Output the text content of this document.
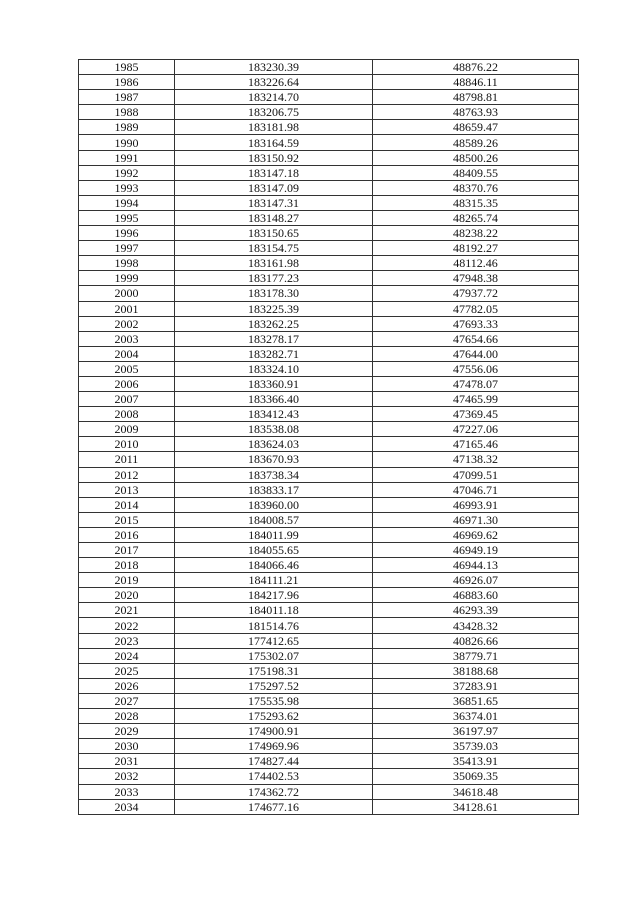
1985	183230.39	48876.22
1986	183226.64	48846.11
1987	183214.70	48798.81
1988	183206.75	48763.93
1989	183181.98	48659.47
1990	183164.59	48589.26
1991	183150.92	48500.26
1992	183147.18	48409.55
1993	183147.09	48370.76
1994	183147.31	48315.35
1995	183148.27	48265.74
1996	183150.65	48238.22
1997	183154.75	48192.27
1998	183161.98	48112.46
1999	183177.23	47948.38
2000	183178.30	47937.72
2001	183225.39	47782.05
2002	183262.25	47693.33
2003	183278.17	47654.66
2004	183282.71	47644.00
2005	183324.10	47556.06
2006	183360.91	47478.07
2007	183366.40	47465.99
2008	183412.43	47369.45
2009	183538.08	47227.06
2010	183624.03	47165.46
2011	183670.93	47138.32
2012	183738.34	47099.51
2013	183833.17	47046.71
2014	183960.00	46993.91
2015	184008.57	46971.30
2016	184011.99	46969.62
2017	184055.65	46949.19
2018	184066.46	46944.13
2019	184111.21	46926.07
2020	184217.96	46883.60
2021	184011.18	46293.39
2022	181514.76	43428.32
2023	177412.65	40826.66
2024	175302.07	38779.71
2025	175198.31	38188.68
2026	175297.52	37283.91
2027	175535.98	36851.65
2028	175293.62	36374.01
2029	174900.91	36197.97
2030	174969.96	35739.03
2031	174827.44	35413.91
2032	174402.53	35069.35
2033	174362.72	34618.48
2034	174677.16	34128.61
